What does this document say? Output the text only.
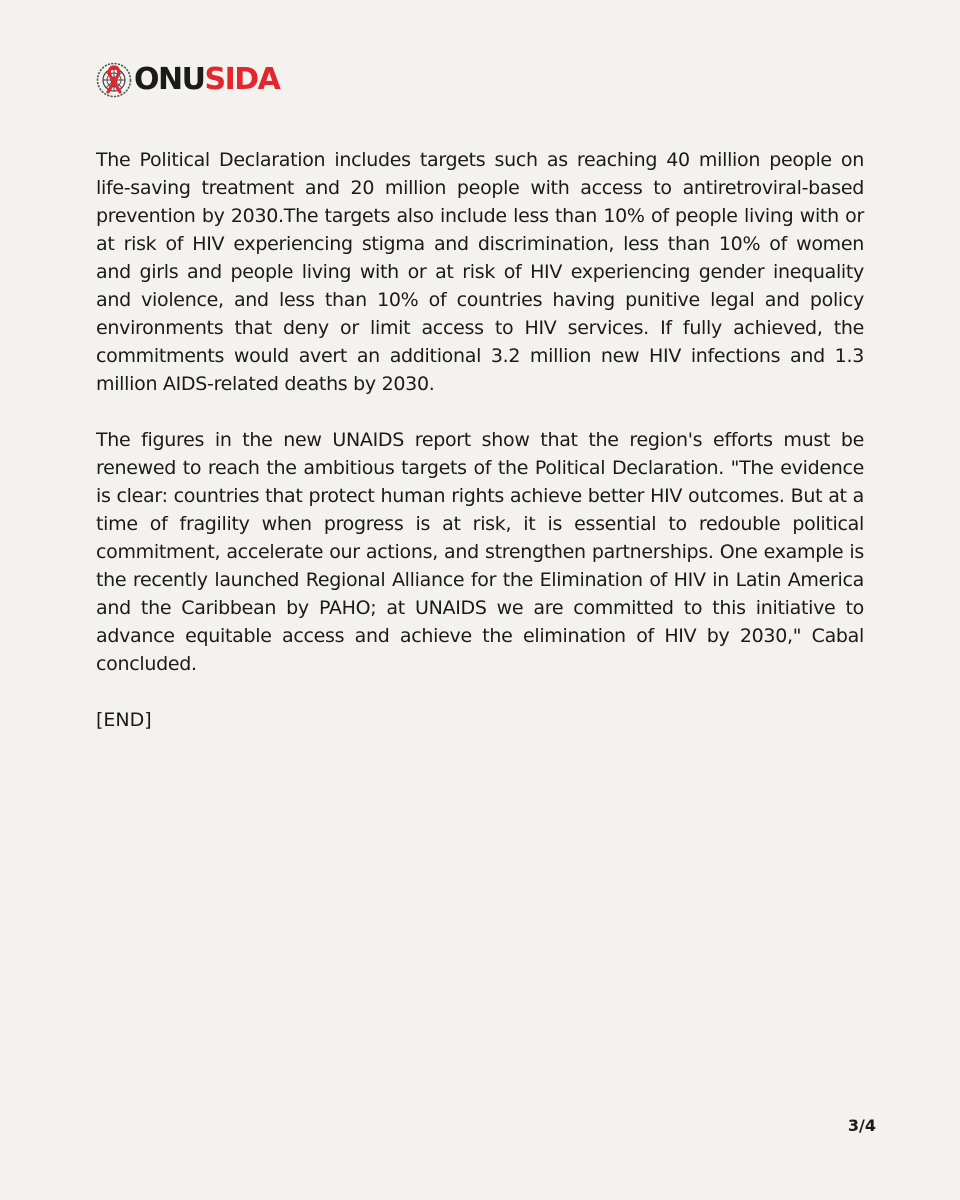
ONUSIDA

The Political Declaration includes targets such as reaching 40 million people on life-saving treatment and 20 million people with access to antiretroviral-based prevention by 2030.The targets also include less than 10% of people living with or at risk of HIV experiencing stigma and discrimination, less than 10% of women and girls and people living with or at risk of HIV experiencing gender inequality and violence, and less than 10% of countries having punitive legal and policy environments that deny or limit access to HIV services. If fully achieved, the commitments would avert an additional 3.2 million new HIV infections and 1.3 million AIDS-related deaths by 2030.

The figures in the new UNAIDS report show that the region's efforts must be renewed to reach the ambitious targets of the Political Declaration. "The evidence is clear: countries that protect human rights achieve better HIV outcomes. But at a time of fragility when progress is at risk, it is essential to redouble political commitment, accelerate our actions, and strengthen partnerships. One example is the recently launched Regional Alliance for the Elimination of HIV in Latin America and the Caribbean by PAHO; at UNAIDS we are committed to this initiative to advance equitable access and achieve the elimination of HIV by 2030," Cabal concluded.

[END]
3/4
